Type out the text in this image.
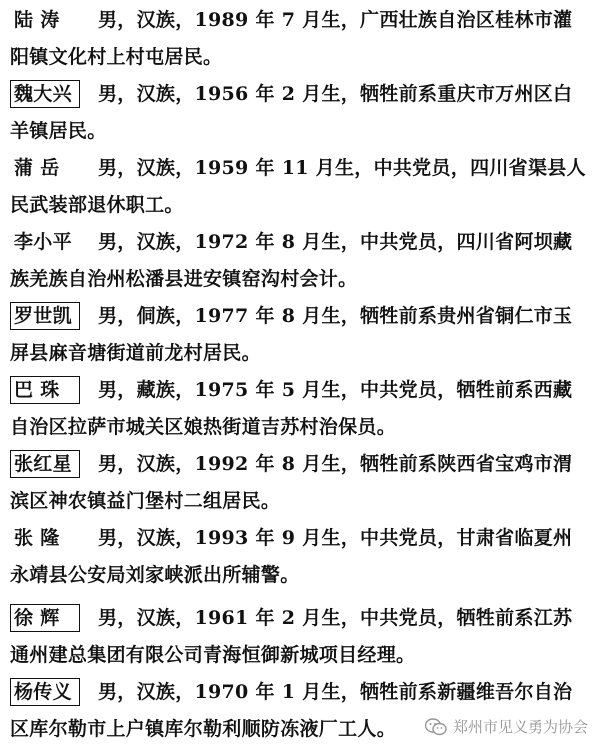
陆 涛 男，汉族，1989 年 7 月生，广西壮族自治区桂林市灌
阳镇文化村上村屯居民。
魏大兴 男，汉族，1956 年 2 月生，牺牲前系重庆市万州区白
羊镇居民。
蒲 岳 男，汉族，1959 年 11 月生，中共党员，四川省渠县人
民武装部退休职工。
李小平 男，汉族，1972 年 8 月生，中共党员，四川省阿坝藏
族羌族自治州松潘县进安镇窑沟村会计。
罗世凯 男，侗族，1977 年 8 月生，牺牲前系贵州省铜仁市玉
屏县麻音塘街道前龙村居民。
巴 珠 男，藏族，1975 年 5 月生，中共党员，牺牲前系西藏
自治区拉萨市城关区娘热街道吉苏村治保员。
张红星 男，汉族，1992 年 8 月生，牺牲前系陕西省宝鸡市渭
滨区神农镇益门堡村二组居民。
张 隆 男，汉族，1993 年 9 月生，中共党员，甘肃省临夏州
永靖县公安局刘家峡派出所辅警。
徐 辉 男，汉族，1961 年 2 月生，中共党员，牺牲前系江苏
通州建总集团有限公司青海恒御新城项目经理。
杨传义 男，汉族，1970 年 1 月生，牺牲前系新疆维吾尔自治
区库尔勒市上户镇库尔勒利顺防冻液厂工人。	郑州市见义勇为协会
